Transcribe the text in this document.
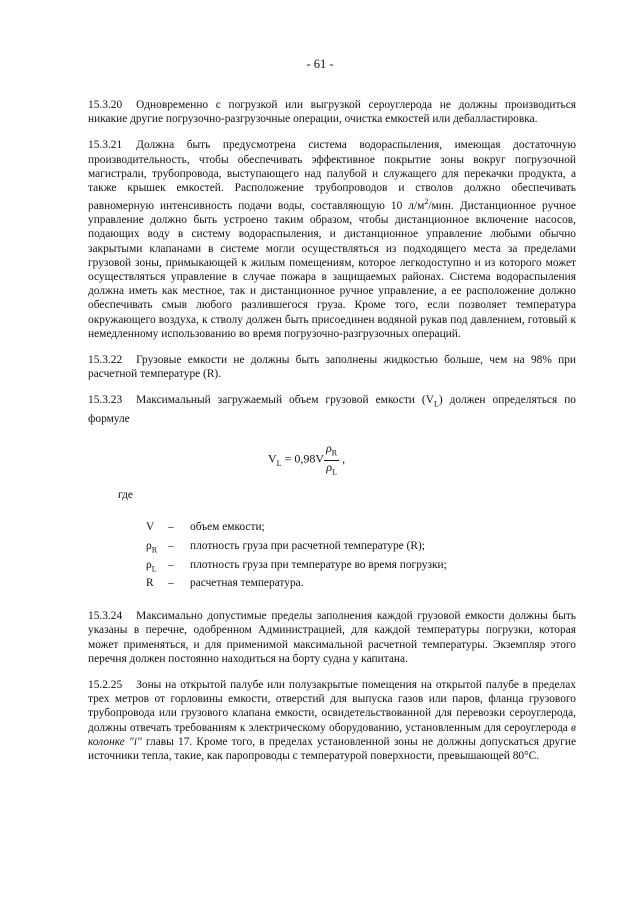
- 61 -

15.3.20 Одновременно с погрузкой или выгрузкой сероуглерода не должны производиться никакие другие погрузочно-разгрузочные операции, очистка емкостей или дебалластировка.

15.3.21 Должна быть предусмотрена система водораспыления, имеющая достаточную производительность, чтобы обеспечивать эффективное покрытие зоны вокруг погрузочной магистрали, трубопровода, выступающего над палубой и служащего для перекачки продукта, а также крышек емкостей. Расположение трубопроводов и стволов должно обеспечивать равномерную интенсивность подачи воды, составляющую 10 $л/м^2$/мин. Дистанционное ручное управление должно быть устроено таким образом, чтобы дистанционное включение насосов, подающих воду в систему водораспыления, и дистанционное управление любыми обычно закрытыми клапанами в системе могли осуществляться из подходящего места за пределами грузовой зоны, примыкающей к жилым помещениям, которое легкодоступно и из которого может осуществляться управление в случае пожара в защищаемых районах. Система водораспыления должна иметь как местное, так и дистанционное ручное управление, а ее расположение должно обеспечивать смыв любого разлившегося груза. Кроме того, если позволяет температура окружающего воздуха, к стволу должен быть присоединен водяной рукав под давлением, готовый к немедленному использованию во время погрузочно-разгрузочных операций.

15.3.22 Грузовые емкости не должны быть заполнены жидкостью больше, чем на 98% при расчетной температуре (R).

15.3.23 Максимальный загружаемый объем грузовой емкости $(V_L)$ должен определяться по формуле

$V_L = 0,98V \frac{\rho_R}{\rho_L}$ ,
где
V	–	объем емкости;
$\rho_R$ –	плотность груза при расчетной температуре (R);
$\rho_L$	–	плотность груза при температуре во время погрузки;
R	–	расчетная температура.

15.3.24 Максимально допустимые пределы заполнения каждой грузовой емкости должны быть указаны в перечне, одобренном Администрацией, для каждой температуры погрузки, которая может применяться, и для применимой максимальной расчетной температуры. Экземпляр этого перечня должен постоянно находиться на борту судна у капитана.

15.2.25 Зоны на открытой палубе или полузакрытые помещения на открытой палубе в пределах трех метров от горловины емкости, отверстий для выпуска газов или паров, фланца грузового трубопровода или грузового клапана емкости, освидетельствованной для перевозки сероуглерода, должны отвечать требованиям к электрическому оборудованию, установленным для сероуглерода в колонке "i" главы 17. Кроме того, в пределах установленной зоны не должны допускаться другие источники тепла, такие, как паропроводы с температурой поверхности, превышающей 80°С.
